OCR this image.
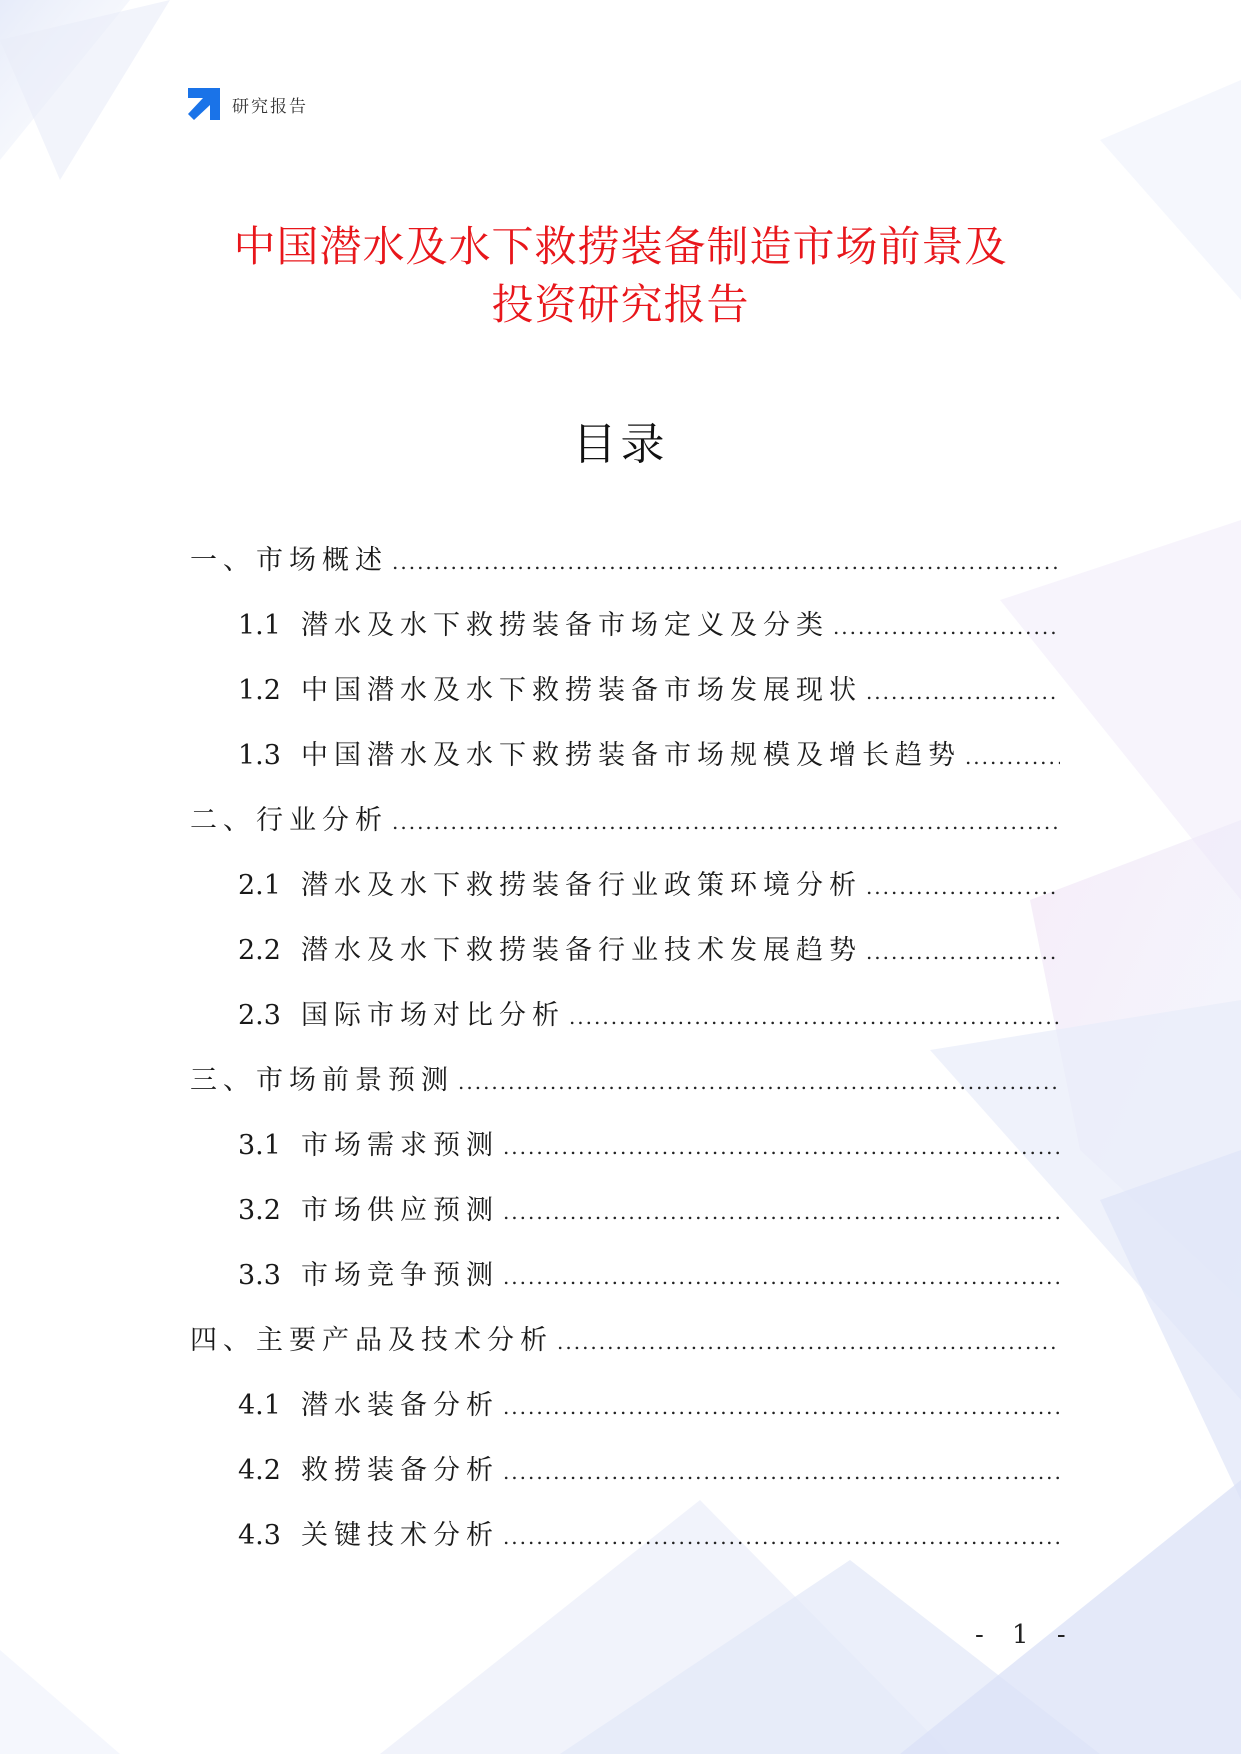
研究报告
中国潜水及水下救捞装备制造市场前景及
投资研究报告
目录
一、市场概述
.....
1.1 潜水及水下救捞装备市场定义及分类
.....
1.2 中国潜水及水下救捞装备市场发展现状
.....
1.3 中国潜水及水下救捞装备市场规模及增长趋势
.....
二、行业分析
.....
2.1 潜水及水下救捞装备行业政策环境分析
.....
2.2 潜水及水下救捞装备行业技术发展趋势
.....
2.3 国际市场对比分析
.....
三、市场前景预测
.....
3.1 市场需求预测
.....
3.2 市场供应预测
.....
3.3 市场竞争预测
.....
四、主要产品及技术分析
.....
4.1 潜水装备分析
.....
4.2 救捞装备分析
.....
4.3 关键技术分析
.....
- 1 -
